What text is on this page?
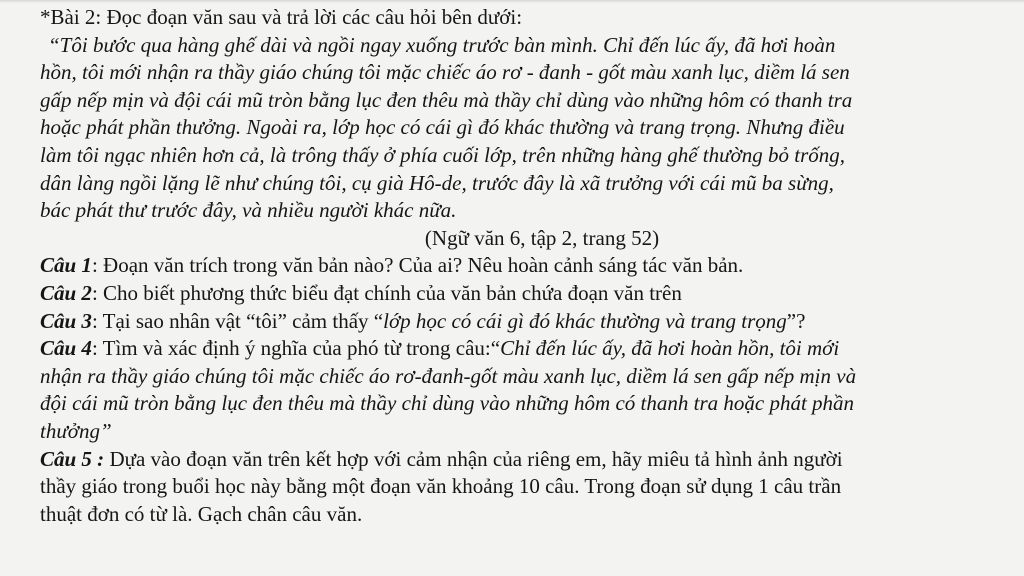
*Bài 2: Đọc đoạn văn sau và trả lời các câu hỏi bên dưới:

“Tôi bước qua hàng ghế dài và ngồi ngay xuống trước bàn mình. Chỉ đến lúc ấy, đã hơi hoàn
hồn, tôi mới nhận ra thầy giáo chúng tôi mặc chiếc áo rơ - đanh - gốt màu xanh lục, diềm lá sen
gấp nếp mịn và đội cái mũ tròn bằng lục đen thêu mà thầy chỉ dùng vào những hôm có thanh tra
hoặc phát phần thưởng. Ngoài ra, lớp học có cái gì đó khác thường và trang trọng. Nhưng điều
làm tôi ngạc nhiên hơn cả, là trông thấy ở phía cuối lớp, trên những hàng ghế thường bỏ trống,
dân làng ngồi lặng lẽ như chúng tôi, cụ già Hô-de, trước đây là xã trưởng với cái mũ ba sừng,
bác phát thư trước đây, và nhiều người khác nữa.

(Ngữ văn 6, tập 2, trang 52)

Câu 1: Đoạn văn trích trong văn bản nào? Của ai? Nêu hoàn cảnh sáng tác văn bản.
Câu 2: Cho biết phương thức biểu đạt chính của văn bản chứa đoạn văn trên
Câu 3: Tại sao nhân vật “tôi” cảm thấy “lớp học có cái gì đó khác thường và trang trọng”?
Câu 4: Tìm và xác định ý nghĩa của phó từ trong câu:“Chỉ đến lúc ấy, đã hơi hoàn hồn, tôi mới
nhận ra thầy giáo chúng tôi mặc chiếc áo rơ-đanh-gốt màu xanh lục, diềm lá sen gấp nếp mịn và
đội cái mũ tròn bằng lục đen thêu mà thầy chỉ dùng vào những hôm có thanh tra hoặc phát phần
thưởng”
Câu 5 : Dựa vào đoạn văn trên kết hợp với cảm nhận của riêng em, hãy miêu tả hình ảnh người
thầy giáo trong buổi học này bằng một đoạn văn khoảng 10 câu. Trong đoạn sử dụng 1 câu trần
thuật đơn có từ là. Gạch chân câu văn.
